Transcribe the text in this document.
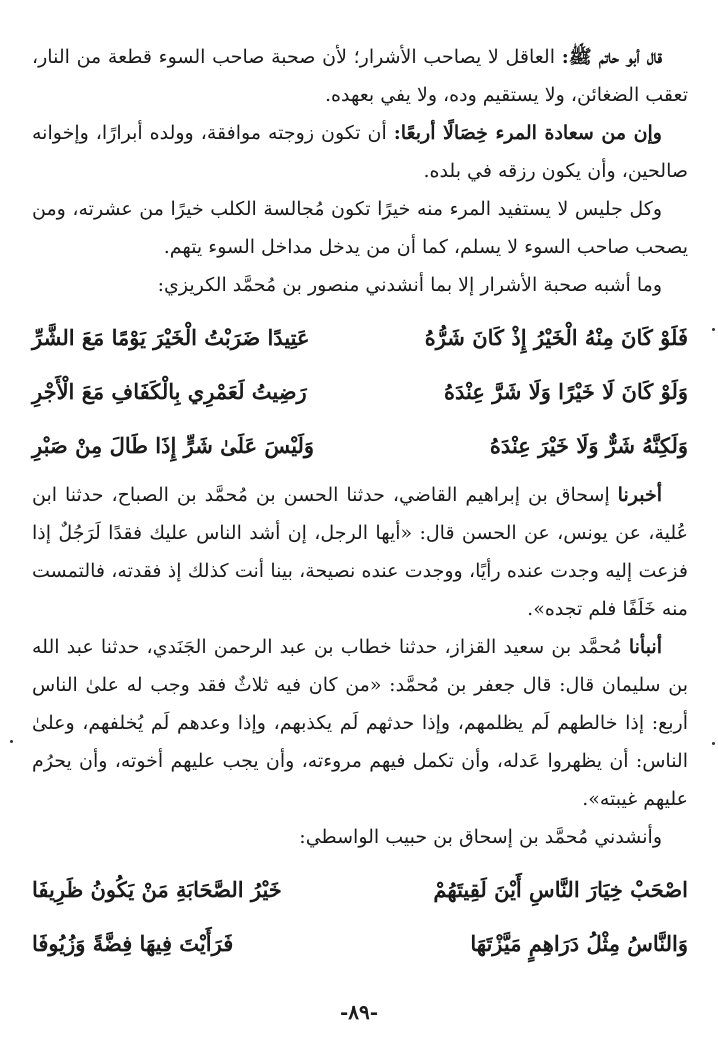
قال أبو حاتم ﷺ: العاقل لا يصاحب الأشرار؛ لأن صحبة صاحب السوء قطعة من النار، تعقب الضغائن، ولا يستقيم وده، ولا يفي بعهده.

وإن من سعادة المرء خِصَالًا أربعًا: أن تكون زوجته موافقة، وولده أبرارًا، وإخوانه صالحين، وأن يكون رزقه في بلده.

وكل جليس لا يستفيد المرء منه خيرًا تكون مُجالسة الكلب خيرًا من عشرته، ومن يصحب صاحب السوء لا يسلم، كما أن من يدخل مداخل السوء يتهم.

وما أشبه صحبة الأشرار إلا بما أنشدني منصور بن مُحمَّد الكريزي:

فَلَوْ كَانَ مِنْهُ الْخَيْرُ إِذْ كَانَ شَرُّهُ
عَتِيدًا ضَرَبْتُ الْخَيْرَ يَوْمًا مَعَ الشَّرِّ
وَلَوْ كَانَ لَا خَيْرًا وَلَا شَرَّ عِنْدَهُ
رَضِيتُ لَعَمْرِي بِالْكَفَافِ مَعَ الْأَجْرِ
وَلَكِنَّهُ شَرٌّ وَلَا خَيْرَ عِنْدَهُ
وَلَيْسَ عَلَىٰ شَرٍّ إِذَا طَالَ مِنْ صَبْرِ

أخبرنا إسحاق بن إبراهيم القاضي، حدثنا الحسن بن مُحمَّد بن الصباح، حدثنا ابن عُلية، عن يونس، عن الحسن قال: «أيها الرجل، إن أشد الناس عليك فقدًا لَرَجُلٌ إذا فزعت إليه وجدت عنده رأيًا، ووجدت عنده نصيحة، بينا أنت كذلك إذ فقدته، فالتمست منه خَلَفًا فلم تجده».

أنبأنا مُحمَّد بن سعيد القزاز، حدثنا خطاب بن عبد الرحمن الجَنَدي، حدثنا عبد الله بن سليمان قال: قال جعفر بن مُحمَّد: «من كان فيه ثلاثٌ فقد وجب له علىٰ الناس أربع: إذا خالطهم لَم يظلمهم، وإذا حدثهم لَم يكذبهم، وإذا وعدهم لَم يُخلفهم، وعلىٰ الناس: أن يظهروا عَدله، وأن تكمل فيهم مروءته، وأن يجب عليهم أخوته، وأن يحرُم عليهم غيبته».

وأنشدني مُحمَّد بن إسحاق بن حبيب الواسطي:

اصْحَبْ خِيَارَ النَّاسِ أَيْنَ لَقِيتَهُمْ
خَيْرُ الصَّحَابَةِ مَنْ يَكُونُ ظَرِيفَا
وَالنَّاسُ مِثْلُ دَرَاهِمٍ مَيَّزْتَهَا
فَرَأَيْتَ فِيهَا فِضَّةً وَزُيُوفَا
-٨٩-
